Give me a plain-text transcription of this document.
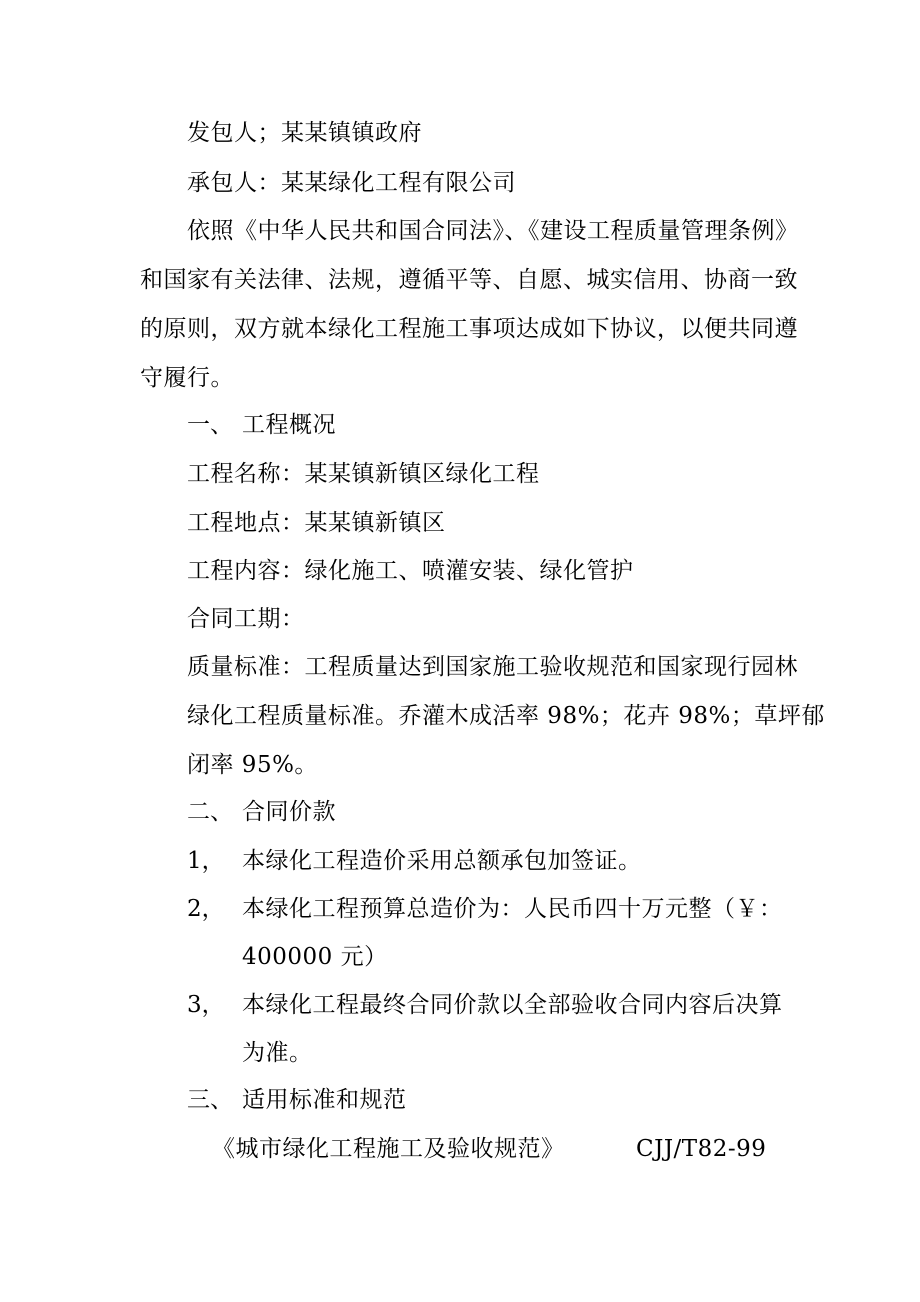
发包人；某某镇镇政府
承包人：某某绿化工程有限公司
依照《中华人民共和国合同法》、《建设工程质量管理条例》
和国家有关法律、法规，遵循平等、自愿、城实信用、协商一致
的原则，双方就本绿化工程施工事项达成如下协议，以便共同遵
守履行。
一、 工程概况
工程名称：某某镇新镇区绿化工程
工程地点：某某镇新镇区
工程内容：绿化施工、喷灌安装、绿化管护
合同工期：
质量标准：工程质量达到国家施工验收规范和国家现行园林
绿化工程质量标准。乔灌木成活率 98%；花卉 98%；草坪郁
闭率 95%。
二、 合同价款
1， 本绿化工程造价采用总额承包加签证。
2， 本绿化工程预算总造价为：人民币四十万元整（￥：
400000 元）
3， 本绿化工程最终合同价款以全部验收合同内容后决算
为准。
三、 适用标准和规范
《城市绿化工程施工及验收规范》	CJJ/T82-99
